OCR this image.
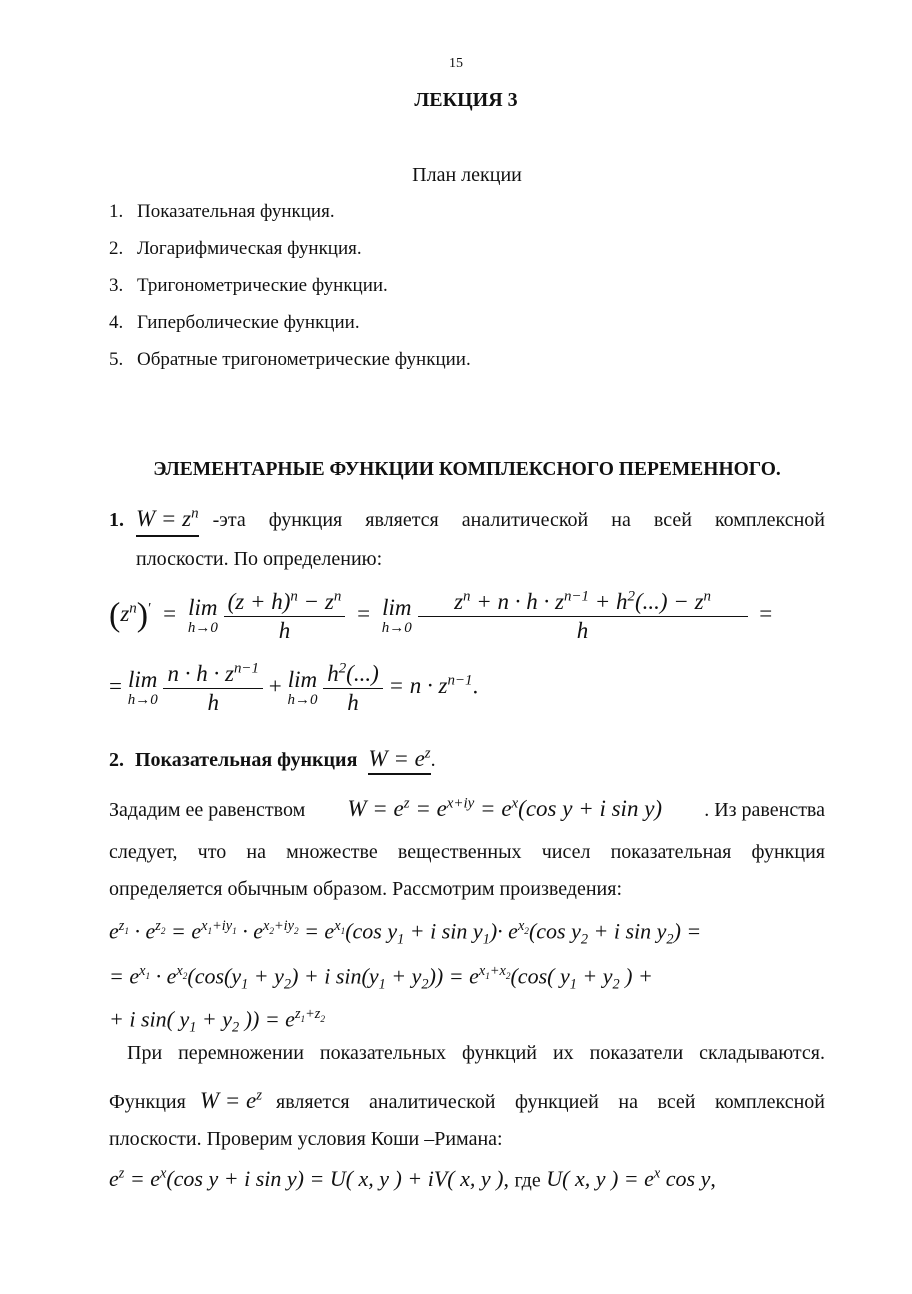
15
ЛЕКЦИЯ 3
План лекции
1. Показательная функция.
2. Логарифмическая функция.
3. Тригонометрические функции.
4. Гиперболические функции.
5. Обратные тригонометрические функции.
ЭЛЕМЕНТАРНЫЕ ФУНКЦИИ КОМПЛЕКСНОГО ПЕРЕМЕННОГО.
1. $W = z^n$ -эта функция является аналитической на всей комплексной
плоскости. По определению:
$(z^n)' = \lim$
h→0
$\frac{(z + h)^n - z^n}{h} = \lim$
h→0
$\frac{z^n + n \cdot h \cdot z^{n-1} + h^2(...) - z^n}{h}$ =
= lim
h→0
$\frac{n \cdot h \cdot z^{n-1}}{h} + \lim$
h→0
$\frac{h^2(...)}{h} = n \cdot z^{n-1}$.
2. Показательная функция $W = e^z$.
Зададим ее равенством $W = e^z = e^{x+iy} = e^x(\cos$ y + i sin y) . Из равенства
следует, что на множестве вещественных чисел показательная функция
определяется обычным образом. Рассмотрим произведения:
$e^{z_1} \cdot e^{z_2} = e^{x_1+iy_1} \cdot e^{x_2+iy_2} = e^{x_1}(\cos$ $y_1 + i$ $\sin y_1)\cdot e^{x_2}(\cos$ $y_2 + i$ $\sin y_2$) =
= $e^{x_1} \cdot e^{x_2}(\cos(y_1 + y_2) + i$ $\sin(y_1 + y_2)) = e^{x_1+x_2}(\cos$( $y_1 + y_2$ ) +
+ i sin( $y_1 + y_2$ )) = $e^{z_1+z_2}$
При перемножении показательных функций их показатели складываются.
Функция $W = e^z$ является аналитической функцией на всей комплексной
плоскости. Проверим условия Коши –Римана:
$e^z = e^x(\cos$ y + i sin y) = U( x, y ) + iV( x, y ), где U( x, y ) = $e^x$ cos y,
